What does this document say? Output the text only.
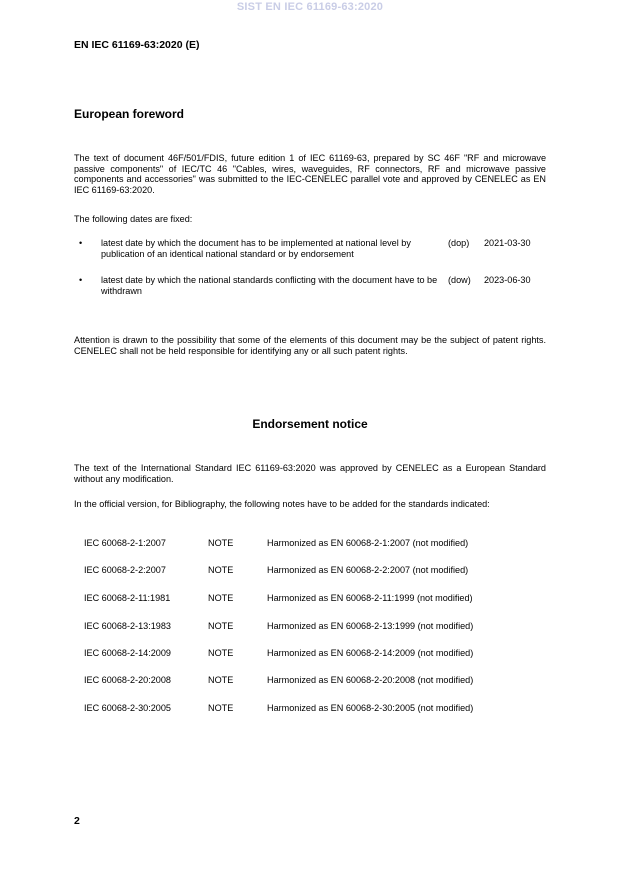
SIST EN IEC 61169-63:2020
EN IEC 61169-63:2020 (E)
European foreword
The text of document 46F/501/FDIS, future edition 1 of IEC 61169-63, prepared by SC 46F "RF and microwave passive components" of IEC/TC 46 "Cables, wires, waveguides, RF connectors, RF and microwave passive components and accessories" was submitted to the IEC-CENELEC parallel vote and approved by CENELEC as EN IEC 61169-63:2020.
The following dates are fixed:
• latest date by which the document has to be implemented at national level by publication of an identical national standard or by endorsement
(dop) 2021-03-30
• latest date by which the national standards conflicting with the document have to be withdrawn
(dow) 2023-06-30
Attention is drawn to the possibility that some of the elements of this document may be the subject of patent rights. CENELEC shall not be held responsible for identifying any or all such patent rights.
Endorsement notice
The text of the International Standard IEC 61169-63:2020 was approved by CENELEC as a European Standard without any modification.
In the official version, for Bibliography, the following notes have to be added for the standards indicated:
IEC 60068-2-1:2007	NOTE	Harmonized as EN 60068-2-1:2007 (not modified)
IEC 60068-2-2:2007	NOTE	Harmonized as EN 60068-2-2:2007 (not modified)
IEC 60068-2-11:1981	NOTE	Harmonized as EN 60068-2-11:1999 (not modified)
IEC 60068-2-13:1983	NOTE	Harmonized as EN 60068-2-13:1999 (not modified)
IEC 60068-2-14:2009	NOTE	Harmonized as EN 60068-2-14:2009 (not modified)
IEC 60068-2-20:2008	NOTE	Harmonized as EN 60068-2-20:2008 (not modified)
IEC 60068-2-30:2005	NOTE	Harmonized as EN 60068-2-30:2005 (not modified)
2
